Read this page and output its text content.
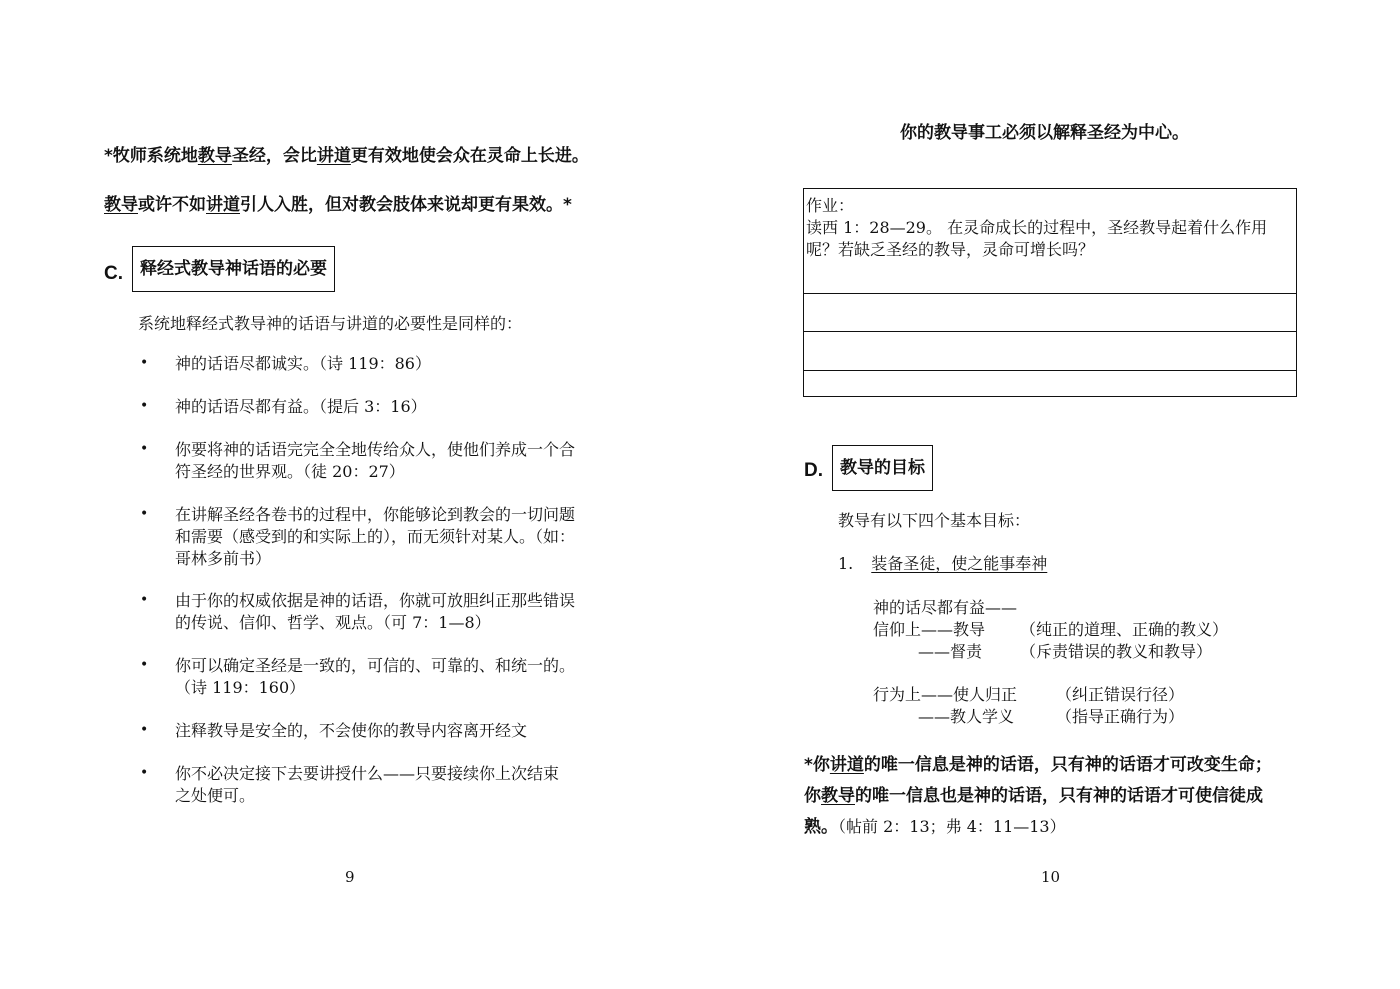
*牧师系统地教导圣经，会比讲道更有效地使会众在灵命上长进。
教导或许不如讲道引人入胜，但对教会肢体来说却更有果效。*
C.	释经式教导神话语的必要
系统地释经式教导神的话语与讲道的必要性是同样的：
• 神的话语尽都诚实。（诗 119：86）
• 神的话语尽都有益。（提后 3：16）
• 你要将神的话语完完全全地传给众人，使他们养成一个合
符圣经的世界观。（徒 20：27）
• 在讲解圣经各卷书的过程中，你能够论到教会的一切问题
和需要（感受到的和实际上的），而无须针对某人。（如：
哥林多前书）
• 由于你的权威依据是神的话语，你就可放胆纠正那些错误
的传说、信仰、哲学、观点。（可 7：1—8）
• 你可以确定圣经是一致的，可信的、可靠的、和统一的。
（诗 119：160）
• 注释教导是安全的，不会使你的教导内容离开经文
• 你不必决定接下去要讲授什么——只要接续你上次结束
之处便可。
9
你的教导事工必须以解释圣经为中心。
作业：
读西 1：28—29。 在灵命成长的过程中，圣经教导起着什么作用
呢？若缺乏圣经的教导，灵命可增长吗？
D.	教导的目标
教导有以下四个基本目标：
1. 装备圣徒，使之能事奉神
神的话尽都有益——
信仰上——教导 （纯正的道理、正确的教义）
——督责 （斥责错误的教义和教导）
行为上——使人归正 （纠正错误行径）
——教人学义	（指导正确行为）
*你讲道的唯一信息是神的话语，只有神的话语才可改变生命；
你教导的唯一信息也是神的话语，只有神的话语才可使信徒成
熟。（帖前 2：13；弗 4：11—13）
10
